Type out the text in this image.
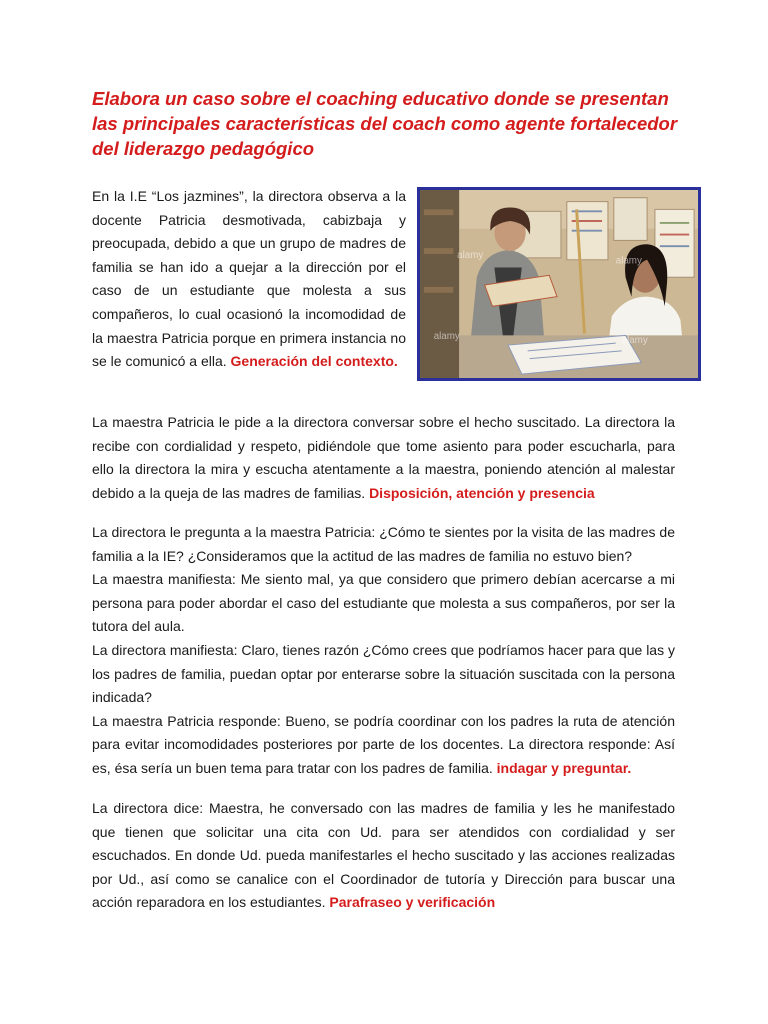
Elabora un caso sobre el coaching educativo donde se presentan
las principales características del coach como agente fortalecedor
del liderazgo pedagógico

En la I.E “Los jazmines”, la directora observa a la docente Patricia desmotivada, cabizbaja y preocupada, debido a que un grupo de madres de familia se han ido a quejar a la dirección por el caso de un estudiante que molesta a sus compañeros, lo cual ocasionó la incomodidad de la maestra Patricia porque en primera instancia no se le comunicó a ella. Generación del contexto.

alamy
alamy
alamy	alamy

La maestra Patricia le pide a la directora conversar sobre el hecho suscitado. La directora la recibe con cordialidad y respeto, pidiéndole que tome asiento para poder escucharla, para ello la directora la mira y escucha atentamente a la maestra, poniendo atención al malestar debido a la queja de las madres de familias. Disposición, atención y presencia

La directora le pregunta a la maestra Patricia: ¿Cómo te sientes por la visita de las madres de familia a la IE? ¿Consideramos que la actitud de las madres de familia no estuvo bien?
La maestra manifiesta: Me siento mal, ya que considero que primero debían acercarse a mi persona para poder abordar el caso del estudiante que molesta a sus compañeros, por ser la tutora del aula.
La directora manifiesta: Claro, tienes razón ¿Cómo crees que podríamos hacer para que las y los padres de familia, puedan optar por enterarse sobre la situación suscitada con la persona indicada?
La maestra Patricia responde: Bueno, se podría coordinar con los padres la ruta de atención para evitar incomodidades posteriores por parte de los docentes. La directora responde: Así es, ésa sería un buen tema para tratar con los padres de familia. indagar y preguntar.

La directora dice: Maestra, he conversado con las madres de familia y les he manifestado que tienen que solicitar una cita con Ud. para ser atendidos con cordialidad y ser escuchados. En donde Ud. pueda manifestarles el hecho suscitado y las acciones realizadas por Ud., así como se canalice con el Coordinador de tutoría y Dirección para buscar una acción reparadora en los estudiantes. Parafraseo y verificación
